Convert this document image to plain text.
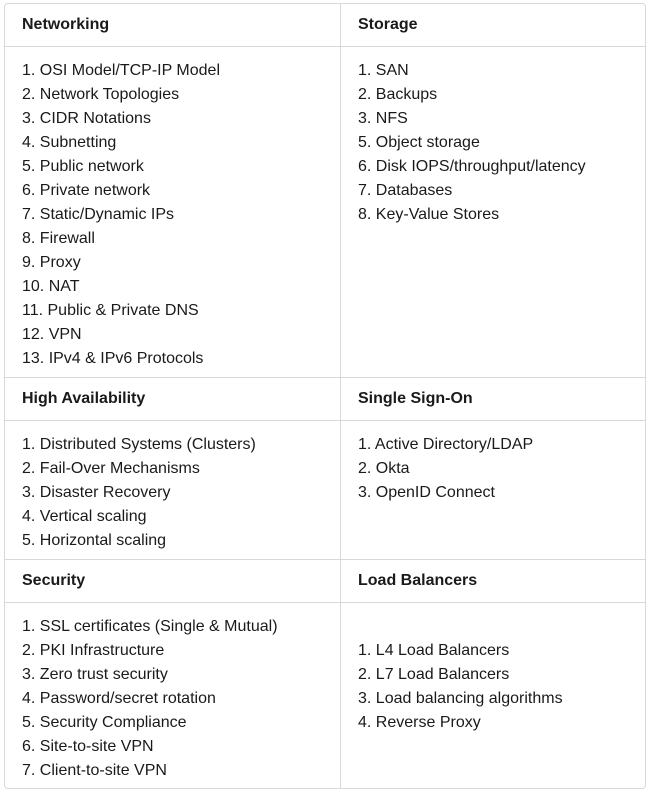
Networking
1. OSI Model/TCP-IP Model
2. Network Topologies
3. CIDR Notations
4. Subnetting
5. Public network
6. Private network
7. Static/Dynamic IPs
8. Firewall
9. Proxy
10. NAT
11. Public & Private DNS
12. VPN
13. IPv4 & IPv6 Protocols
High Availability
1. Distributed Systems (Clusters)
2. Fail-Over Mechanisms
3. Disaster Recovery
4. Vertical scaling
5. Horizontal scaling
Security
1. SSL certificates (Single & Mutual)
2. PKI Infrastructure
3. Zero trust security
4. Password/secret rotation
5. Security Compliance
6. Site-to-site VPN
7. Client-to-site VPN
Storage
1. SAN
2. Backups
3. NFS
5. Object storage
6. Disk IOPS/throughput/latency
7. Databases
8. Key-Value Stores
Single Sign-On
1. Active Directory/LDAP
2. Okta
3. OpenID Connect
Load Balancers
1. L4 Load Balancers
2. L7 Load Balancers
3. Load balancing algorithms
4. Reverse Proxy
